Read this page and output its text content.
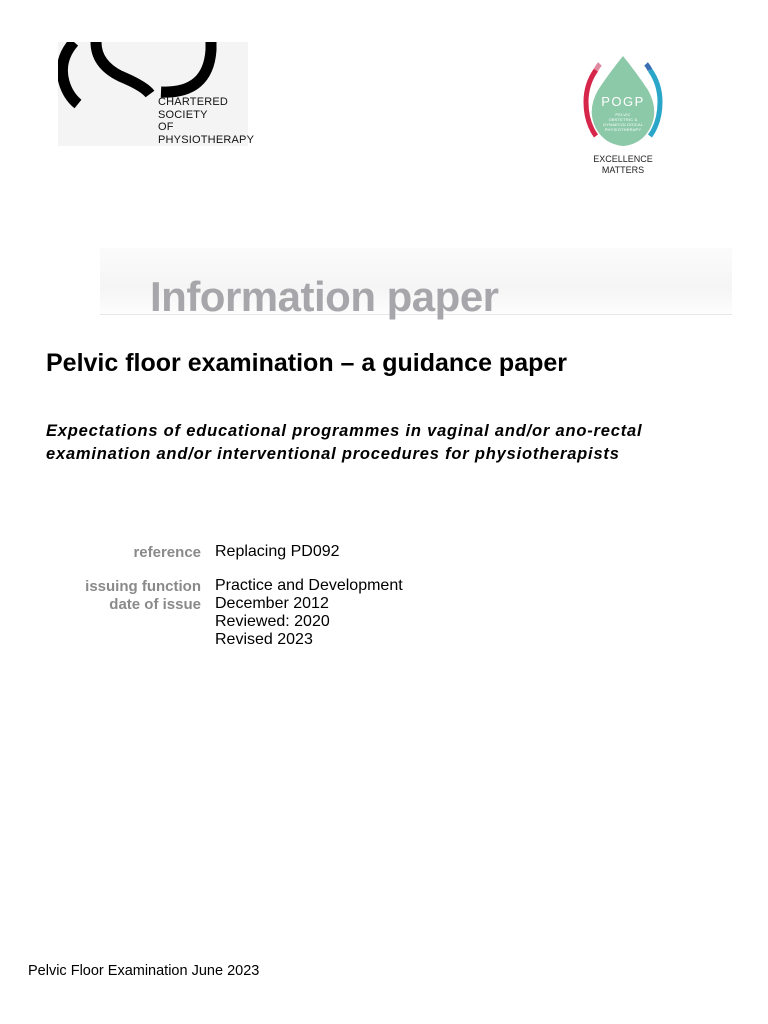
CHARTERED
SOCIETY
OF
PHYSIOTHERAPY
POGP
PELVIC OBSTETRIC & GYNAECOLOGICAL PHYSIOTHERAPY
EXCELLENCE
MATTERS
Information paper
Pelvic floor examination – a guidance paper

Expectations of educational programmes in vaginal and/or ano-rectal examination and/or interventional procedures for physiotherapists

reference Replacing PD092
issuing function Practice and Development
date of issue December 2012
Reviewed: 2020
Revised 2023
Pelvic Floor Examination June 2023
